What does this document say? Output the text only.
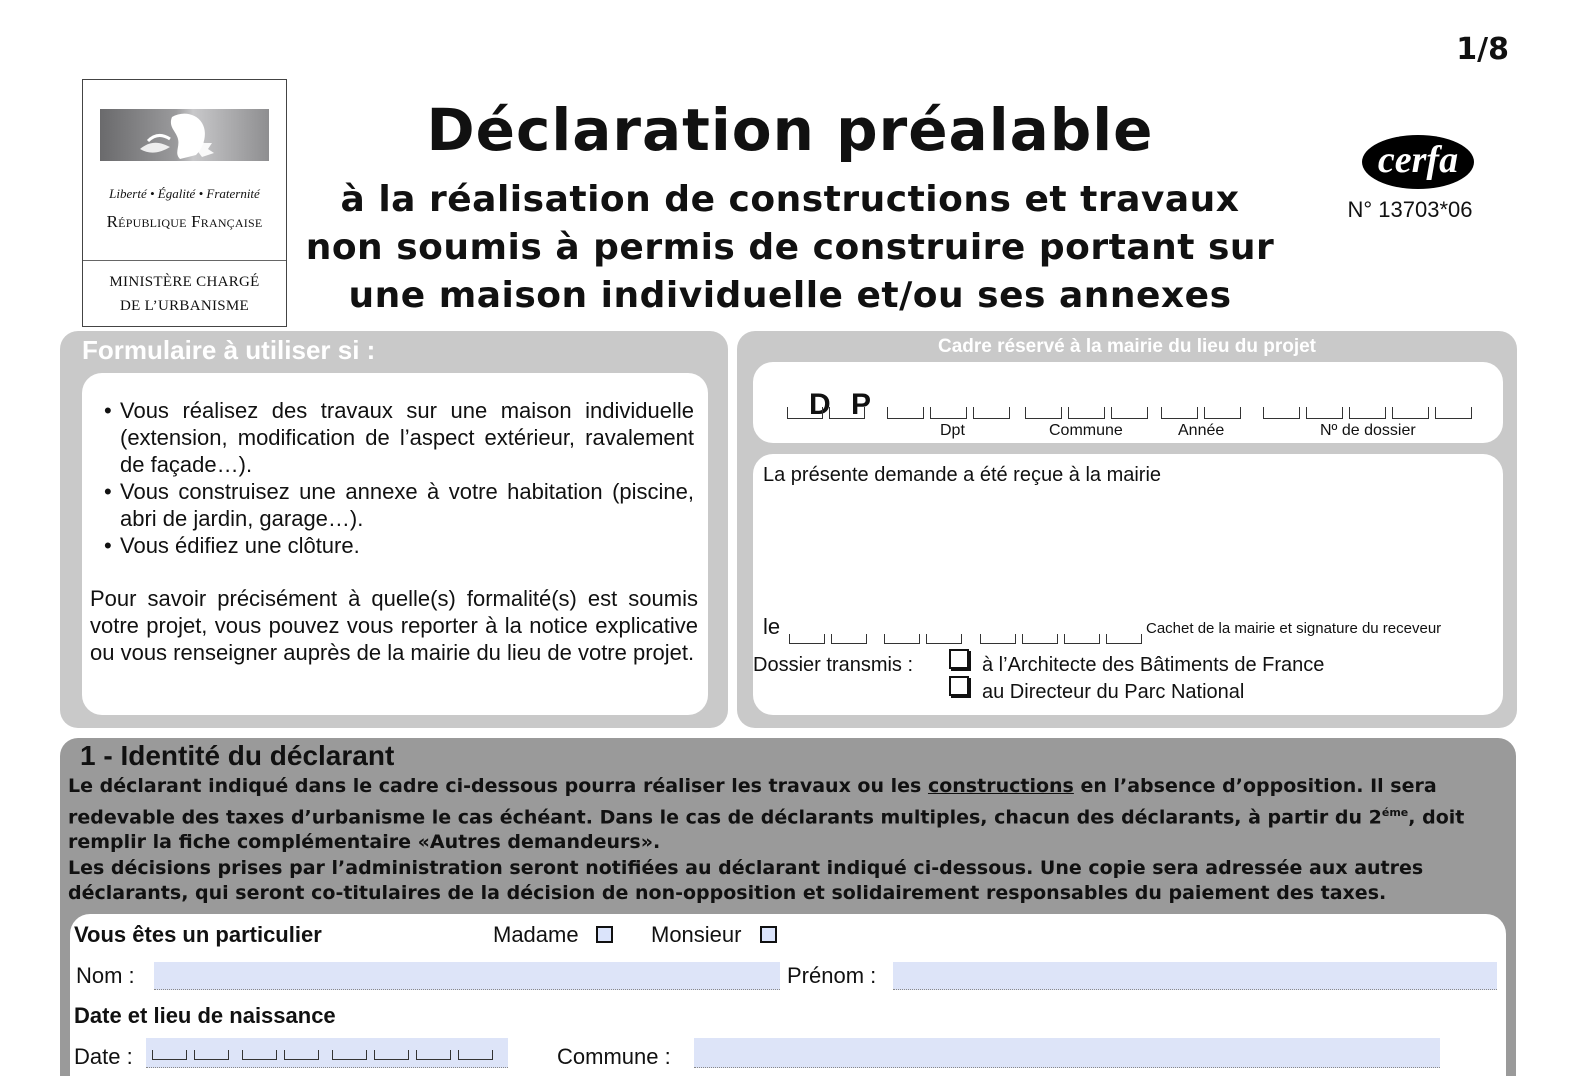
1/8
Liberté • Égalité • Fraternité
République Française
MINISTÈRE CHARGÉ
DE L’URBANISME
Déclaration préalable
à la réalisation de constructions et travaux
non soumis à permis de construire portant sur
une maison individuelle et/ou ses annexes
cerfa
N° 13703*06
Formulaire à utiliser si :
• Vous réalisez des travaux sur une maison individuelle (extension, modification de l’aspect extérieur, ravalement de façade…).
• Vous construisez une annexe à votre habitation (piscine, abri de jardin, garage…).
• Vous édifiez une clôture.
Pour savoir précisément à quelle(s) formalité(s) est soumis votre projet, vous pouvez vous reporter à la notice explicative ou vous renseigner auprès de la mairie du lieu de votre projet.
Cadre réservé à la mairie du lieu du projet
D P
Dpt	Commune	Année	Nº de dossier
La présente demande a été reçue à la mairie
le	Cachet de la mairie et signature du receveur
Dossier transmis :	à l’Architecte des Bâtiments de France
au Directeur du Parc National
1 - Identité du déclarant
Le déclarant indiqué dans le cadre ci-dessous pourra réaliser les travaux ou les constructions en l’absence d’opposition. Il sera redevable des taxes d’urbanisme le cas échéant. Dans le cas de déclarants multiples, chacun des déclarants, à partir du $2^{éme}$, doit remplir la fiche complémentaire «Autres demandeurs».
Les décisions prises par l’administration seront notifiées au déclarant indiqué ci-dessous. Une copie sera adressée aux autres déclarants, qui seront co-titulaires de la décision de non-opposition et solidairement responsables du paiement des taxes.
Vous êtes un particulier	Madame	Monsieur
Nom :	Prénom :
Date et lieu de naissance
Date :	Commune :
